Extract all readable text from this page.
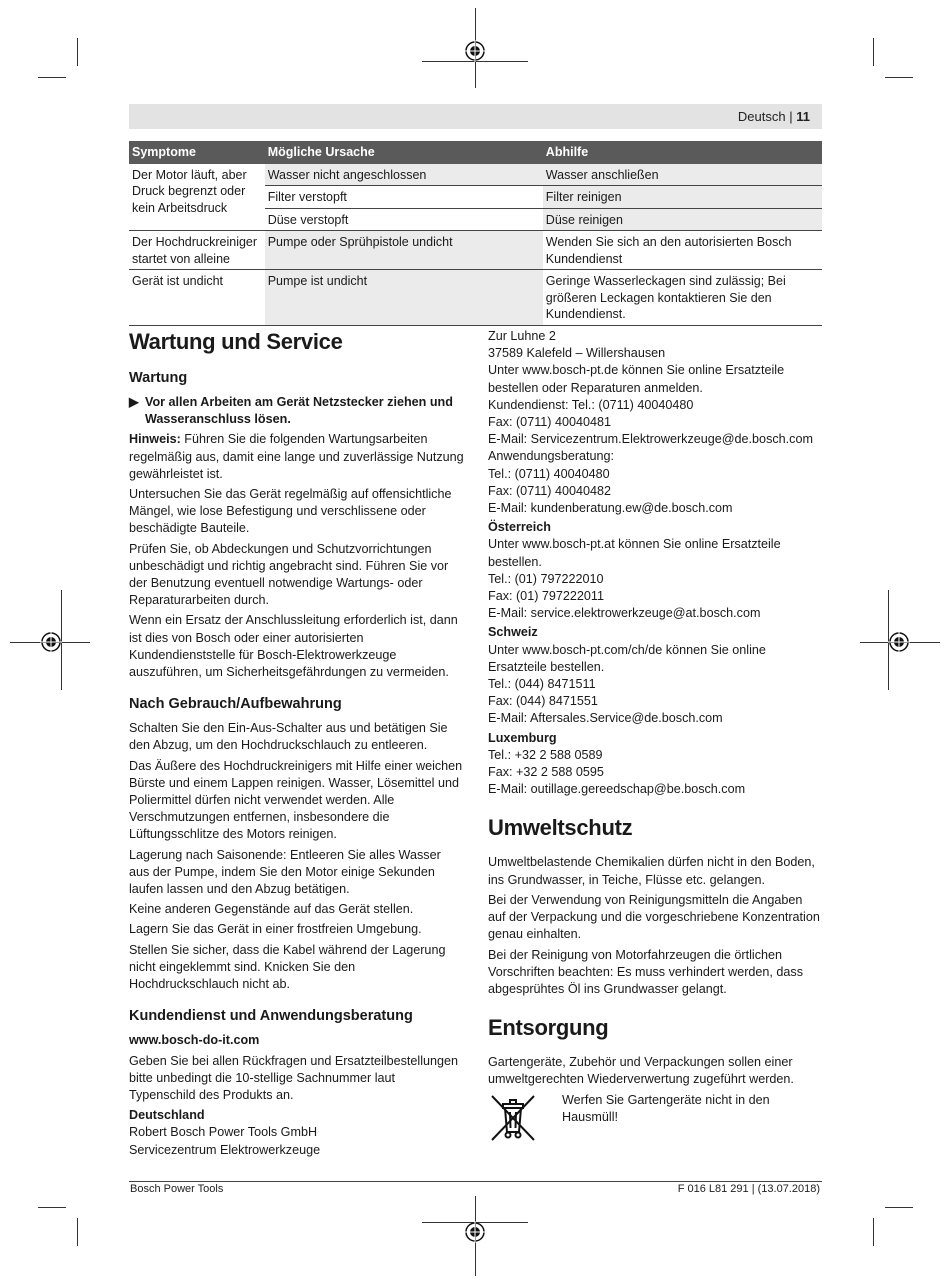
Deutsch | 11
Symptome	Mögliche Ursache	Abhilfe
Der Motor läuft, aber Druck begrenzt oder kein Arbeitsdruck	Wasser nicht angeschlossen	Wasser anschließen
	Filter verstopft	Filter reinigen
	Düse verstopft	Düse reinigen
Der Hochdruckreiniger startet von alleine	Pumpe oder Sprühpistole undicht	Wenden Sie sich an den autorisierten Bosch Kundendienst
Gerät ist undicht	Pumpe ist undicht	Geringe Wasserleckagen sind zulässig; Bei größeren Leckagen kontaktieren Sie den Kundendienst.
Wartung und Service
Wartung
▶ Vor allen Arbeiten am Gerät Netzstecker ziehen und Wasseranschluss lösen.

Hinweis: Führen Sie die folgenden Wartungsarbeiten regelmäßig aus, damit eine lange und zuverlässige Nutzung gewährleistet ist.

Untersuchen Sie das Gerät regelmäßig auf offensichtliche Mängel, wie lose Befestigung und verschlissene oder beschädigte Bauteile.

Prüfen Sie, ob Abdeckungen und Schutzvorrichtungen unbeschädigt und richtig angebracht sind. Führen Sie vor der Benutzung eventuell notwendige Wartungs- oder Reparaturarbeiten durch.

Wenn ein Ersatz der Anschlussleitung erforderlich ist, dann ist dies von Bosch oder einer autorisierten Kundendienststelle für Bosch-Elektrowerkzeuge auszuführen, um Sicherheitsgefährdungen zu vermeiden.

Nach Gebrauch/Aufbewahrung

Schalten Sie den Ein-Aus-Schalter aus und betätigen Sie den Abzug, um den Hochdruckschlauch zu entleeren.

Das Äußere des Hochdruckreinigers mit Hilfe einer weichen Bürste und einem Lappen reinigen. Wasser, Lösemittel und Poliermittel dürfen nicht verwendet werden. Alle Verschmutzungen entfernen, insbesondere die Lüftungsschlitze des Motors reinigen.

Lagerung nach Saisonende: Entleeren Sie alles Wasser aus der Pumpe, indem Sie den Motor einige Sekunden laufen lassen und den Abzug betätigen.

Keine anderen Gegenstände auf das Gerät stellen.

Lagern Sie das Gerät in einer frostfreien Umgebung.

Stellen Sie sicher, dass die Kabel während der Lagerung nicht eingeklemmt sind. Knicken Sie den Hochdruckschlauch nicht ab.

Kundendienst und Anwendungsberatung

www.bosch-do-it.com

Geben Sie bei allen Rückfragen und Ersatzteilbestellungen bitte unbedingt die 10-stellige Sachnummer laut Typenschild des Produkts an.

Deutschland

Robert Bosch Power Tools GmbH
Servicezentrum Elektrowerkzeuge
Zur Luhne 2
37589 Kalefeld – Willershausen
Unter www.bosch-pt.de können Sie online Ersatzteile bestellen oder Reparaturen anmelden.
Kundendienst: Tel.: (0711) 40040480
Fax: (0711) 40040481
E-Mail: Servicezentrum.Elektrowerkzeuge@de.bosch.com
Anwendungsberatung:
Tel.: (0711) 40040480
Fax: (0711) 40040482
E-Mail: kundenberatung.ew@de.bosch.com
Österreich
Unter www.bosch-pt.at können Sie online Ersatzteile bestellen.
Tel.: (01) 797222010
Fax: (01) 797222011
E-Mail: service.elektrowerkzeuge@at.bosch.com
Schweiz
Unter www.bosch-pt.com/ch/de können Sie online Ersatzteile bestellen.
Tel.: (044) 8471511
Fax: (044) 8471551
E-Mail: Aftersales.Service@de.bosch.com
Luxemburg
Tel.: +32 2 588 0589
Fax: +32 2 588 0595
E-Mail: outillage.gereedschap@be.bosch.com
Umweltschutz

Umweltbelastende Chemikalien dürfen nicht in den Boden, ins Grundwasser, in Teiche, Flüsse etc. gelangen.

Bei der Verwendung von Reinigungsmitteln die Angaben auf der Verpackung und die vorgeschriebene Konzentration genau einhalten.

Bei der Reinigung von Motorfahrzeugen die örtlichen Vorschriften beachten: Es muss verhindert werden, dass abgesprühtes Öl ins Grundwasser gelangt.

Entsorgung

Gartengeräte, Zubehör und Verpackungen sollen einer umweltgerechten Wiederverwertung zugeführt werden.

Werfen Sie Gartengeräte nicht in den Hausmüll!
Bosch Power Tools	F 016 L81 291 | (13.07.2018)
